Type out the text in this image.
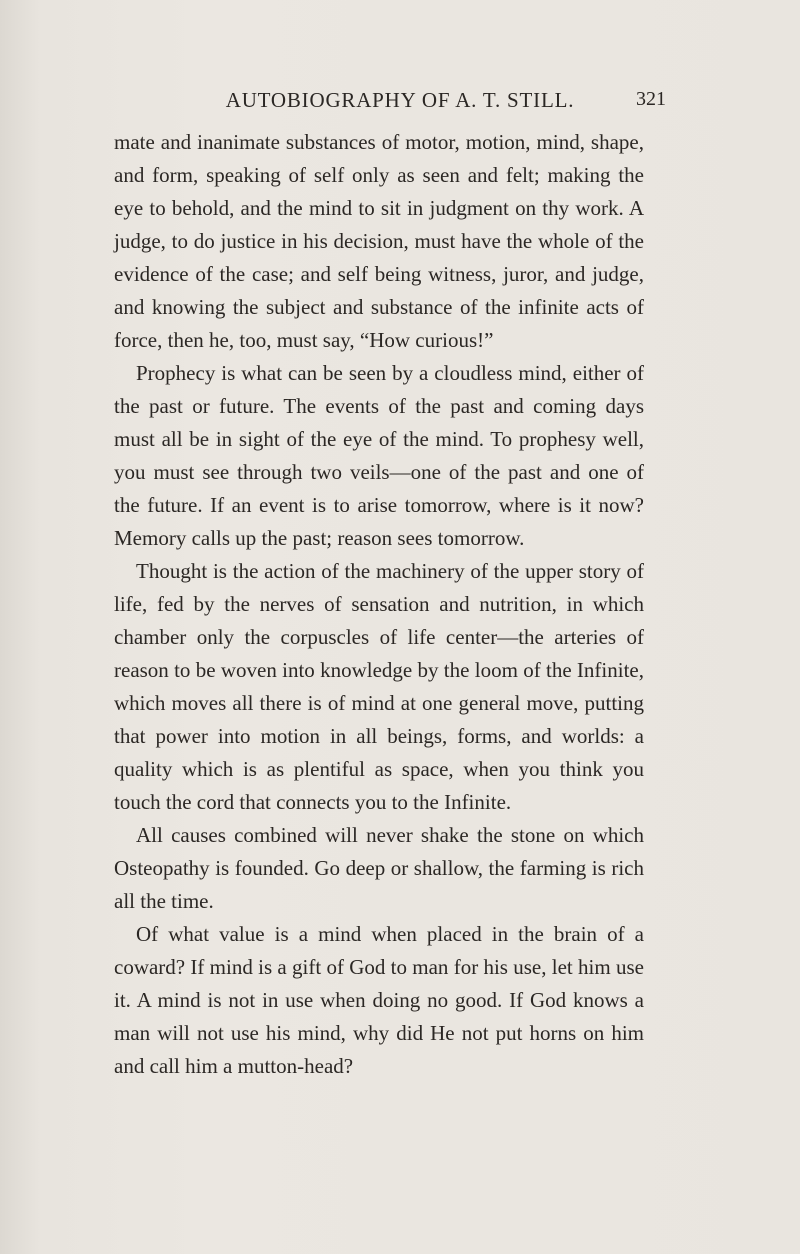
AUTOBIOGRAPHY OF A. T. STILL.	321

mate and inanimate substances of motor, motion, mind, shape, and form, speaking of self only as seen and felt; making the eye to behold, and the mind to sit in judgment on thy work. A judge, to do justice in his decision, must have the whole of the evidence of the case; and self being witness, juror, and judge, and knowing the subject and substance of the infinite acts of force, then he, too, must say, “How curious!”

Prophecy is what can be seen by a cloudless mind, either of the past or future. The events of the past and coming days must all be in sight of the eye of the mind. To prophesy well, you must see through two veils—one of the past and one of the future. If an event is to arise tomorrow, where is it now? Memory calls up the past; reason sees tomorrow.

Thought is the action of the machinery of the upper story of life, fed by the nerves of sensation and nutrition, in which chamber only the corpuscles of life center—the arteries of reason to be woven into knowledge by the loom of the Infinite, which moves all there is of mind at one general move, putting that power into motion in all beings, forms, and worlds: a quality which is as plentiful as space, when you think you touch the cord that connects you to the Infinite.

All causes combined will never shake the stone on which Osteopathy is founded. Go deep or shallow, the farming is rich all the time.

Of what value is a mind when placed in the brain of a coward? If mind is a gift of God to man for his use, let him use it. A mind is not in use when doing no good. If God knows a man will not use his mind, why did He not put horns on him and call him a mutton-head?
